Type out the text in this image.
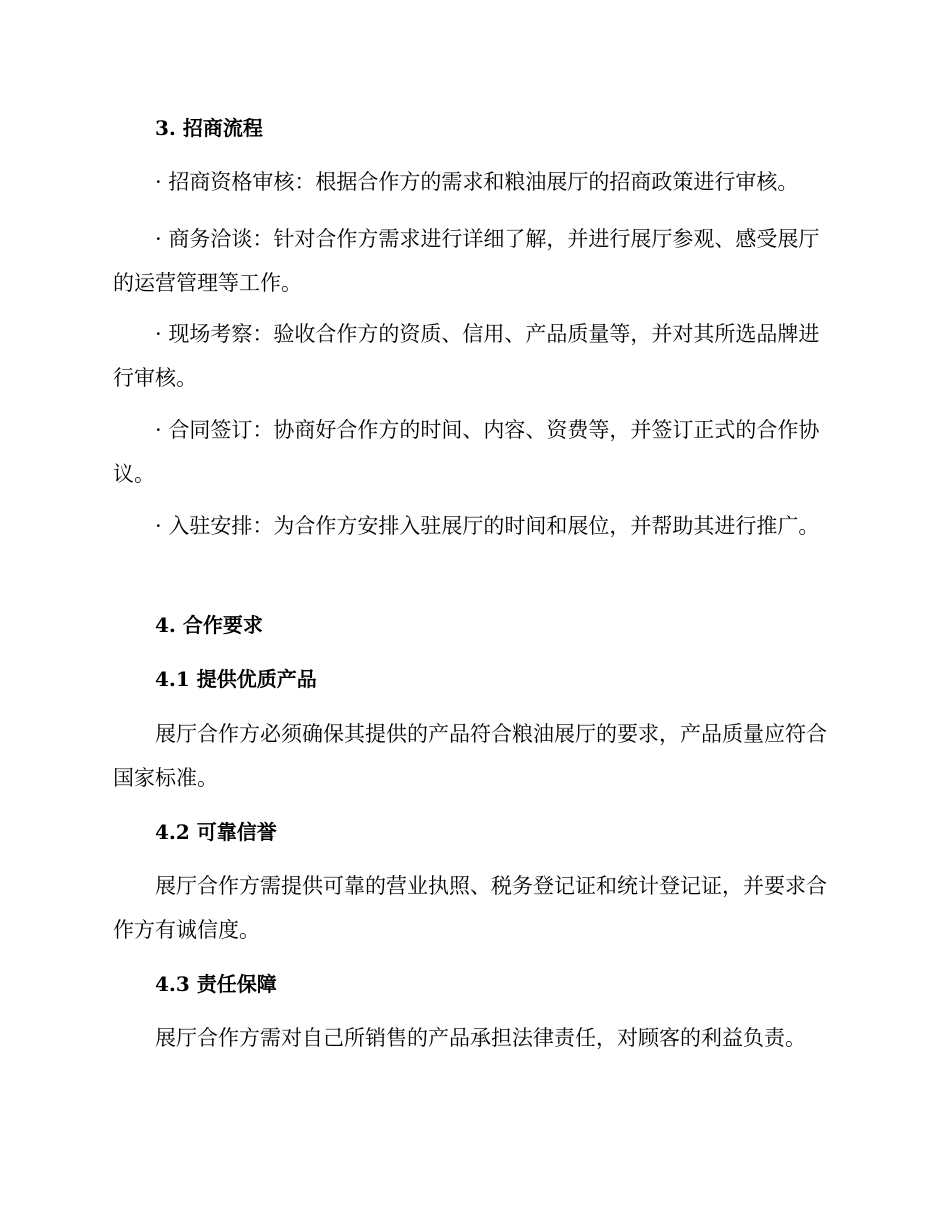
3. 招商流程

· 招商资格审核：根据合作方的需求和粮油展厅的招商政策进行审核。

· 商务洽谈：针对合作方需求进行详细了解，并进行展厅参观、感受展厅的运营管理等工作。

· 现场考察：验收合作方的资质、信用、产品质量等，并对其所选品牌进行审核。

· 合同签订：协商好合作方的时间、内容、资费等，并签订正式的合作协议。

· 入驻安排：为合作方安排入驻展厅的时间和展位，并帮助其进行推广。

4. 合作要求

4.1 提供优质产品

展厅合作方必须确保其提供的产品符合粮油展厅的要求，产品质量应符合国家标准。

4.2 可靠信誉

展厅合作方需提供可靠的营业执照、税务登记证和统计登记证，并要求合作方有诚信度。

4.3 责任保障

展厅合作方需对自己所销售的产品承担法律责任，对顾客的利益负责。
